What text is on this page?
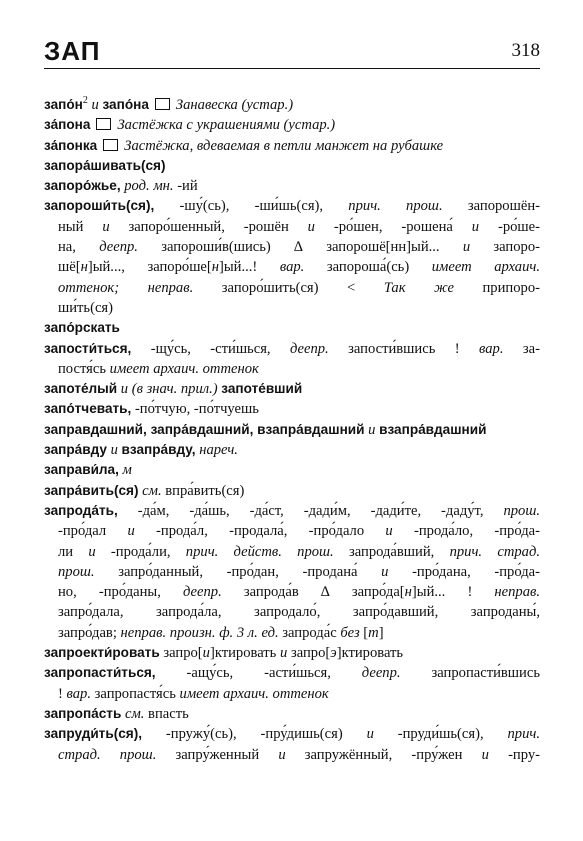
ЗАП	318
$запо́н^2$ и запо́на Занавеска (устар.)
за́пона Застёжка с украшениями (устар.)
за́понка Застёжка, вдеваемая в петли манжет на рубашке
запора́шивать(ся)
запоро́жье, род. мн. -ий
запороши́ть(ся), -шу́(сь), -ши́шь(ся), прич. прош. запорошён-
ный и запоро́шенный, -рошён и -ро́шен, -рошена́ и -ро́ше-
на, деепр. запороши́в(шись) ∆ запорошё[нн]ый... и запоро-
шё[н]ый..., запоро́ше[н]ый...! вар. запороша́(сь) имеет архаич.
оттенок; неправ. запоро́шить(ся) < Так же припоро-
ши́ть(ся)
запо́рскать
запости́ться, -щу́сь, -сти́шься, деепр. запости́вшись ! вар. за-
постя́сь имеет архаич. оттенок
запоте́лый и (в знач. прил.) запоте́вший
запо́тчевать, -по́тчую, -по́тчуешь
заправдашний, запра́вдашний, взапра́вдашний и взапра́вдашний
запра́вду и взапра́вду, нареч.
заправи́ла, м
запра́вить(ся) см. впра́вить(ся)
запрода́ть, -да́м, -да́шь, -да́ст, -дади́м, -дади́те, -даду́т, прош.
-про́дал и -прода́л, -продала́, -про́дало и -прода́ло, -про́да-
ли и -прода́ли, прич. действ. прош. запрода́вший, прич. страд.
прош. запро́данный, -про́дан, -продана́ и -про́дана, -про́да-
но, -про́даны, деепр. запрода́в ∆ запро́да[н]ый... ! неправ.
запро́дала, запрода́ла, запродало́, запро́давший, запроданы́,
запро́дав; неправ. произн. ф. 3 л. ед. запрода́с без [т]
запроекти́ровать запро[и]ктировать и запро[э]ктировать
запропасти́ться, -ащу́сь, -асти́шься, деепр. запропасти́вшись
! вар. запропастя́сь имеет архаич. оттенок
запропа́сть см. впасть
запруди́ть(ся), -пружу́(сь), -пру́дишь(ся) и -пруди́шь(ся), прич.
страд. прош. запру́женный и запружённый, -пру́жен и -пру-
